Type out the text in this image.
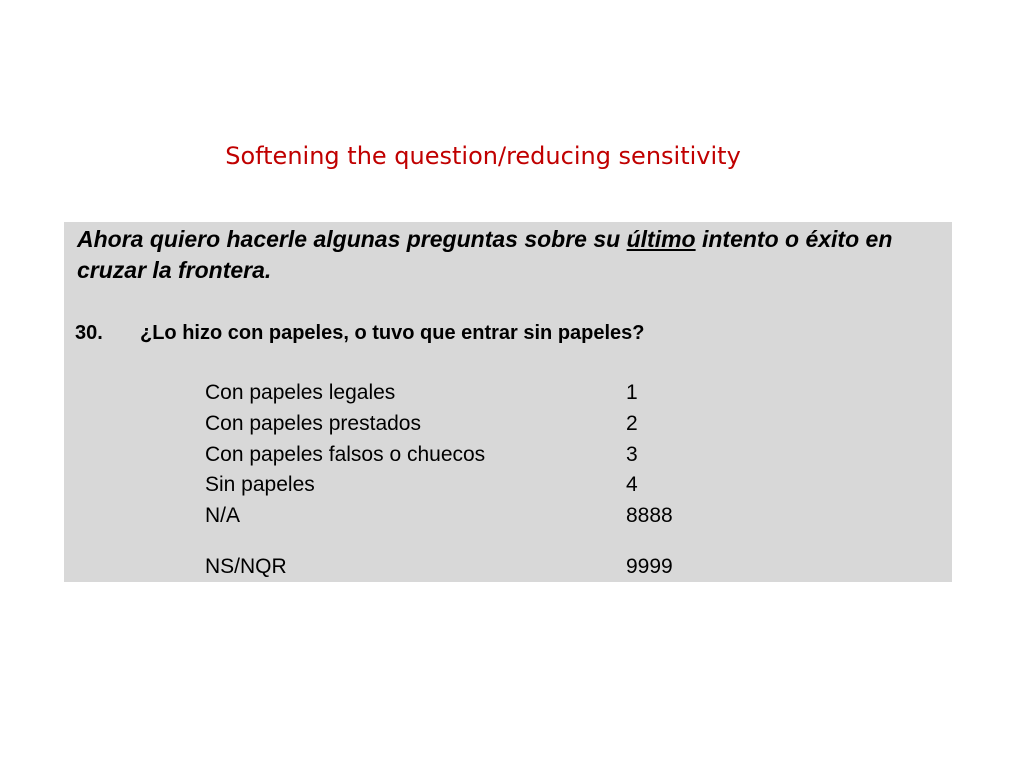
Softening the question/reducing sensitivity
Ahora quiero hacerle algunas preguntas sobre su último intento o éxito en cruzar la frontera.
30. ¿Lo hizo con papeles, o tuvo que entrar sin papeles?
Con papeles legales	1
Con papeles prestados	2
Con papeles falsos o chuecos	3
Sin papeles	4
N/A	8888
NS/NQR	9999
